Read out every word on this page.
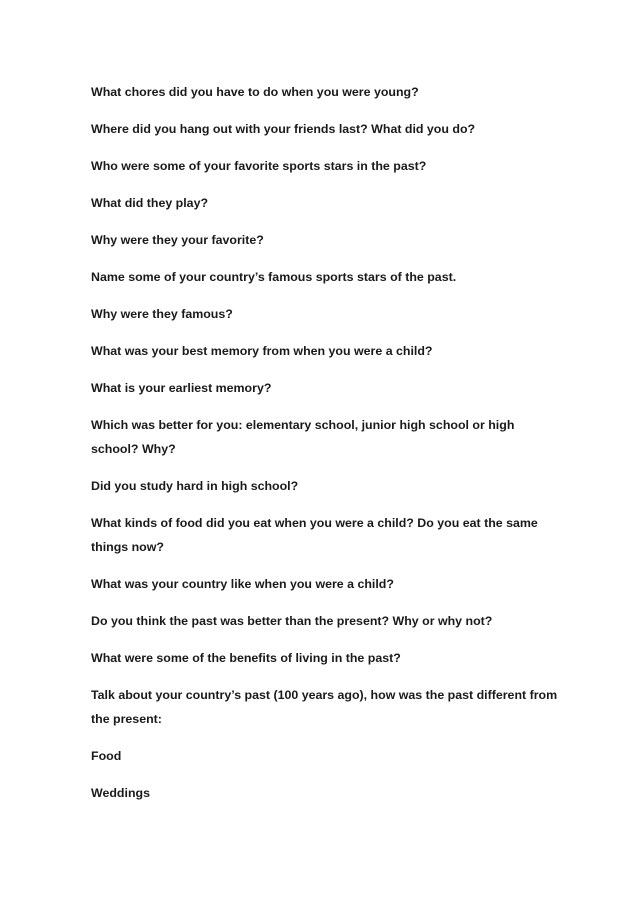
What chores did you have to do when you were young?
Where did you hang out with your friends last? What did you do?
Who were some of your favorite sports stars in the past?
What did they play?
Why were they your favorite?
Name some of your country’s famous sports stars of the past.
Why were they famous?
What was your best memory from when you were a child?
What is your earliest memory?
Which was better for you: elementary school, junior high school or high school? Why?
Did you study hard in high school?
What kinds of food did you eat when you were a child? Do you eat the same things now?
What was your country like when you were a child?
Do you think the past was better than the present? Why or why not?
What were some of the benefits of living in the past?
Talk about your country’s past (100 years ago), how was the past different from the present:
Food
Weddings
